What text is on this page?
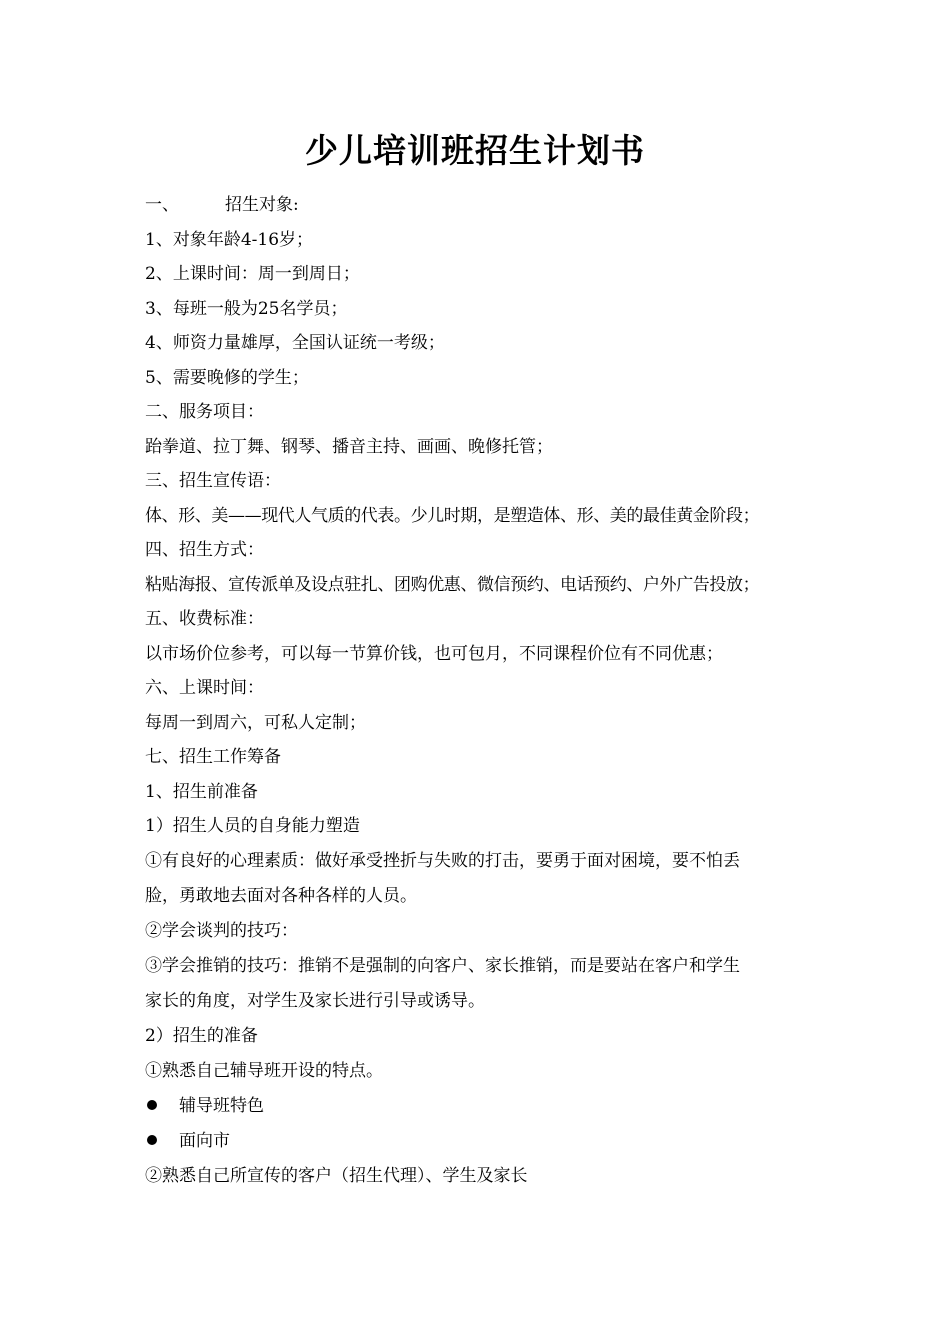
少儿培训班招生计划书
一、	招生对象:
1、对象年龄4-16岁；
2、上课时间：周一到周日；
3、每班一般为25名学员；
4、师资力量雄厚，全国认证统一考级；
5、需要晚修的学生；
二、服务项目：
跆拳道、拉丁舞、钢琴、播音主持、画画、晚修托管；
三、招生宣传语：
体、形、美——现代人气质的代表。少儿时期，是塑造体、形、美的最佳黄金阶段；
四、招生方式：
粘贴海报、宣传派单及设点驻扎、团购优惠、微信预约、电话预约、户外广告投放；
五、收费标准：
以市场价位参考，可以每一节算价钱，也可包月，不同课程价位有不同优惠；
六、上课时间：
每周一到周六，可私人定制；
七、招生工作筹备
1、招生前准备
1）招生人员的自身能力塑造
①有良好的心理素质：做好承受挫折与失败的打击，要勇于面对困境，要不怕丢
脸，勇敢地去面对各种各样的人员。
②学会谈判的技巧：
③学会推销的技巧：推销不是强制的向客户、家长推销，而是要站在客户和学生
家长的角度，对学生及家长进行引导或诱导。
2）招生的准备
①熟悉自己辅导班开设的特点。
辅导班特色
面向市
②熟悉自己所宣传的客户（招生代理）、学生及家长
